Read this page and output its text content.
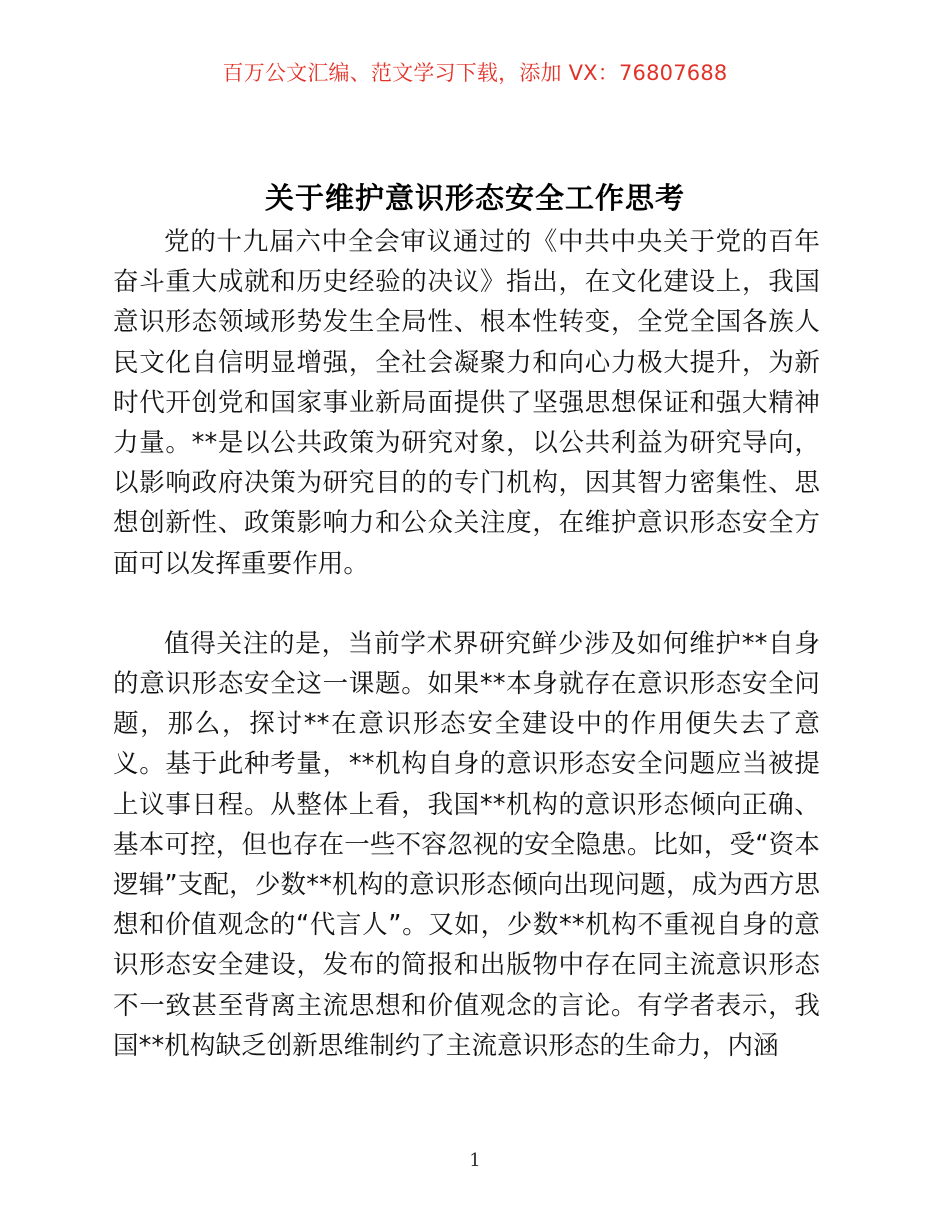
百万公文汇编、范文学习下载，添加 VX：76807688
关于维护意识形态安全工作思考

党的十九届六中全会审议通过的《中共中央关于党的百年奋斗重大成就和历史经验的决议》指出，在文化建设上，我国意识形态领域形势发生全局性、根本性转变，全党全国各族人民文化自信明显增强，全社会凝聚力和向心力极大提升，为新时代开创党和国家事业新局面提供了坚强思想保证和强大精神力量。**是以公共政策为研究对象，以公共利益为研究导向，以影响政府决策为研究目的的专门机构，因其智力密集性、思想创新性、政策影响力和公众关注度，在维护意识形态安全方面可以发挥重要作用。

值得关注的是，当前学术界研究鲜少涉及如何维护**自身的意识形态安全这一课题。如果**本身就存在意识形态安全问题，那么，探讨**在意识形态安全建设中的作用便失去了意义。基于此种考量，**机构自身的意识形态安全问题应当被提上议事日程。从整体上看，我国**机构的意识形态倾向正确、基本可控，但也存在一些不容忽视的安全隐患。比如，受“资本逻辑”支配，少数**机构的意识形态倾向出现问题，成为西方思想和价值观念的“代言人”。又如，少数**机构不重视自身的意识形态安全建设，发布的简报和出版物中存在同主流意识形态不一致甚至背离主流思想和价值观念的言论。有学者表示，我国**机构缺乏创新思维制约了主流意识形态的生命力，内涵

1
